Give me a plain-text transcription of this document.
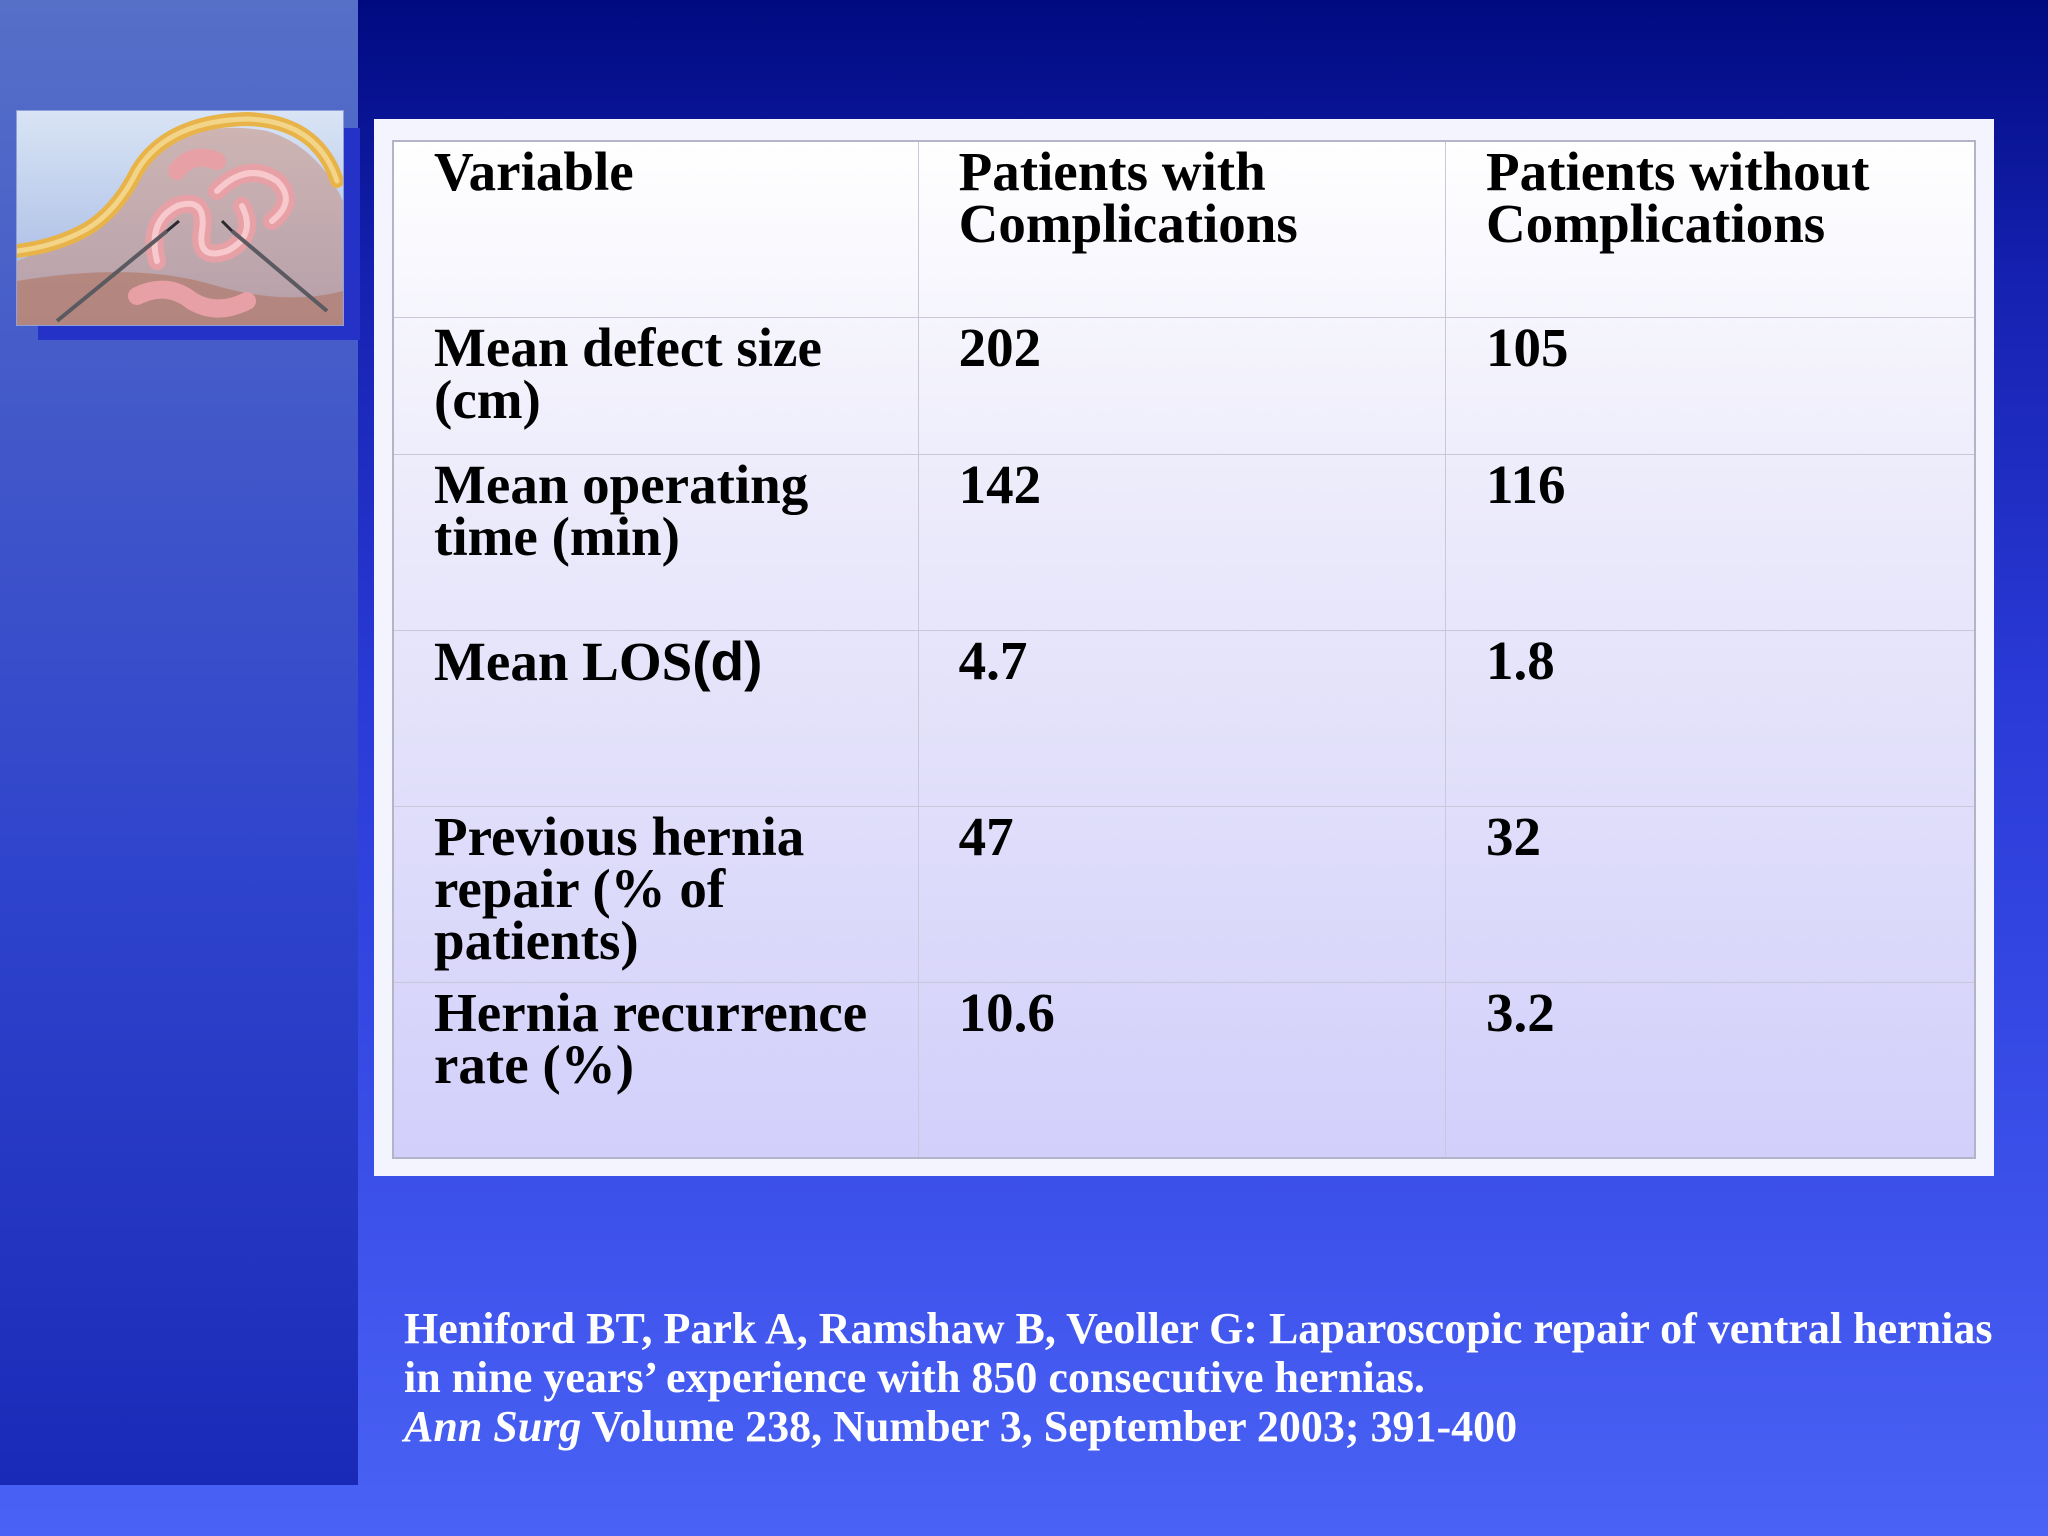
Variable	Patients with Complications	Patients without Complications
Mean defect size (cm)	202	105
Mean operating time (min)	142	116
Mean LOS(d)	4.7	1.8
Previous hernia repair (% of patients)	47	32
Hernia recurrence rate (%)	10.6	3.2
Heniford BT, Park A, Ramshaw B, Veoller G: Laparoscopic repair of ventral hernias in nine years’ experience with 850 consecutive hernias.
Ann Surg Volume 238, Number 3, September 2003; 391-400
